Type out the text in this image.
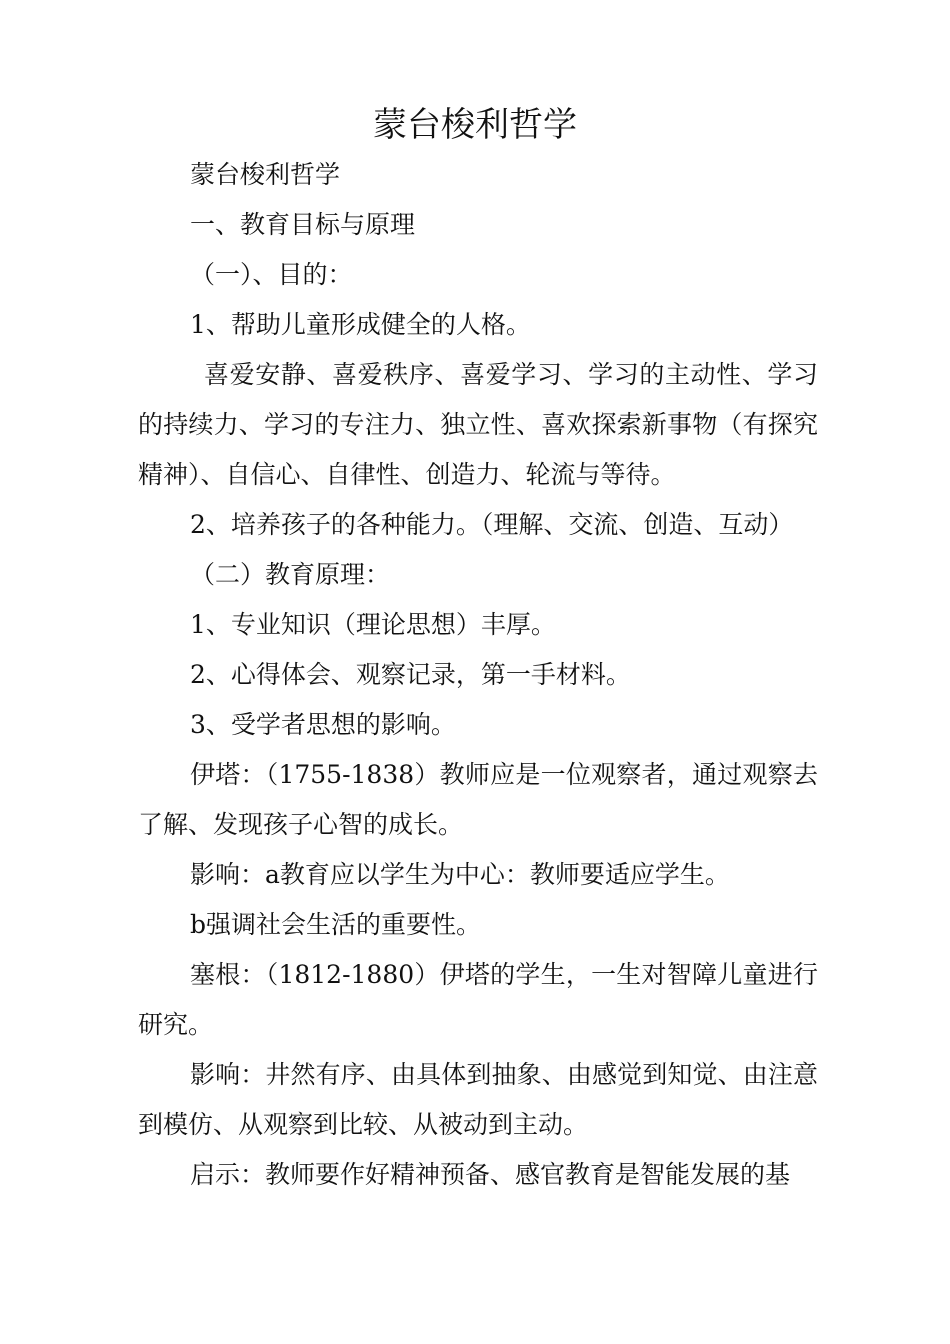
蒙台梭利哲学

蒙台梭利哲学

一、教育目标与原理

（一）、目的：

1、帮助儿童形成健全的人格。

喜爱安静、喜爱秩序、喜爱学习、学习的主动性、学习的持续力、学习的专注力、独立性、喜欢探索新事物（有探究精神）、自信心、自律性、创造力、轮流与等待。

2、培养孩子的各种能力。（理解、交流、创造、互动）

（二）教育原理：

1、专业知识（理论思想）丰厚。

2、心得体会、观察记录，第一手材料。

3、受学者思想的影响。

伊塔：（1755-1838）教师应是一位观察者，通过观察去了解、发现孩子心智的成长。

影响：a教育应以学生为中心：教师要适应学生。

b强调社会生活的重要性。

塞根：（1812-1880）伊塔的学生，一生对智障儿童进行研究。

影响：井然有序、由具体到抽象、由感觉到知觉、由注意到模仿、从观察到比较、从被动到主动。

启示：教师要作好精神预备、感官教育是智能发展的基
